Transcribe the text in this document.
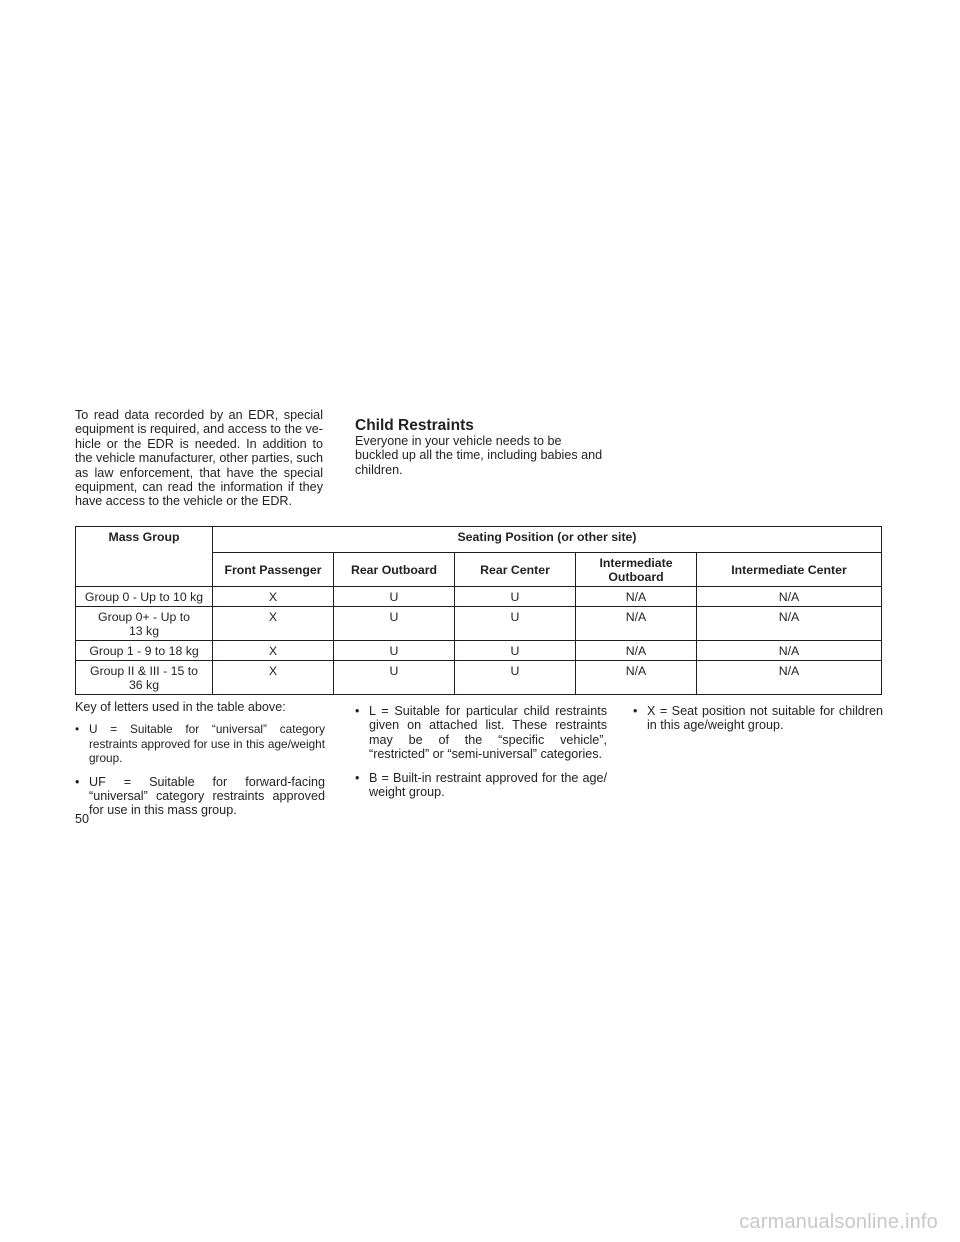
To read data recorded by an EDR, special equipment is required, and access to the ve-hicle or the EDR is needed. In addition to the vehicle manufacturer, other parties, such as law enforcement, that have the special equipment, can read the information if they have access to the vehicle or the EDR.

Child Restraints

Everyone in your vehicle needs to be buckled up all the time, including babies and children.

Mass Group	Seating Position (or other site)				
	Front Passenger	Rear Outboard	Rear Center	Intermediate Outboard	Intermediate Center
Group 0 - Up to 10 kg	X	U	U	N/A	N/A
Group 0+ - Up to 13 kg	X	U	U	N/A	N/A
Group 1 - 9 to 18 kg	X	U	U	N/A	N/A
Group II & III - 15 to 36 kg	X	U	U	N/A	N/A
Key of letters used in the table above:
• U = Suitable for “universal” category restraints approved for use in this age/weight group.
• UF = Suitable for forward-facing “universal” category restraints approved for use in this mass group.
• L = Suitable for particular child restraints given on attached list. These restraints may be of the “specific vehicle”, “restricted” or “semi-universal” categories.
• B = Built-in restraint approved for the age/ weight group.
• X = Seat position not suitable for children in this age/weight group.
50
carmanualsonline.info
